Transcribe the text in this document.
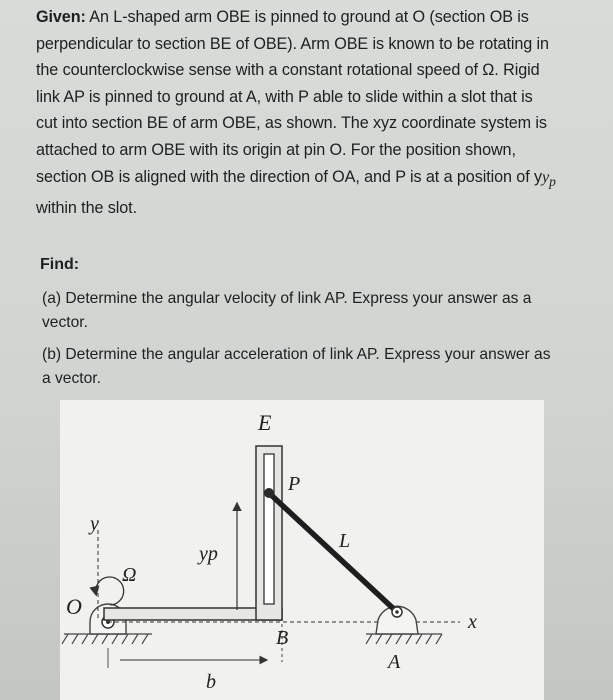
Given: An L-shaped arm OBE is pinned to ground at O (section OB is perpendicular to section BE of OBE). Arm OBE is known to be rotating in the counterclockwise sense with a constant rotational speed of Ω. Rigid link AP is pinned to ground at A, with P able to slide within a slot that is cut into section BE of arm OBE, as shown. The xyz coordinate system is attached to arm OBE with its origin at pin O. For the position shown, section OB is aligned with the direction of OA, and P is at a position of $yy_p$ within the slot.
Find:
(a) Determine the angular velocity of link AP. Express your answer as a vector.
(b) Determine the angular acceleration of link AP. Express your answer as a vector.
E
P
y
L
yp
Ω
O
B
A
x
b
